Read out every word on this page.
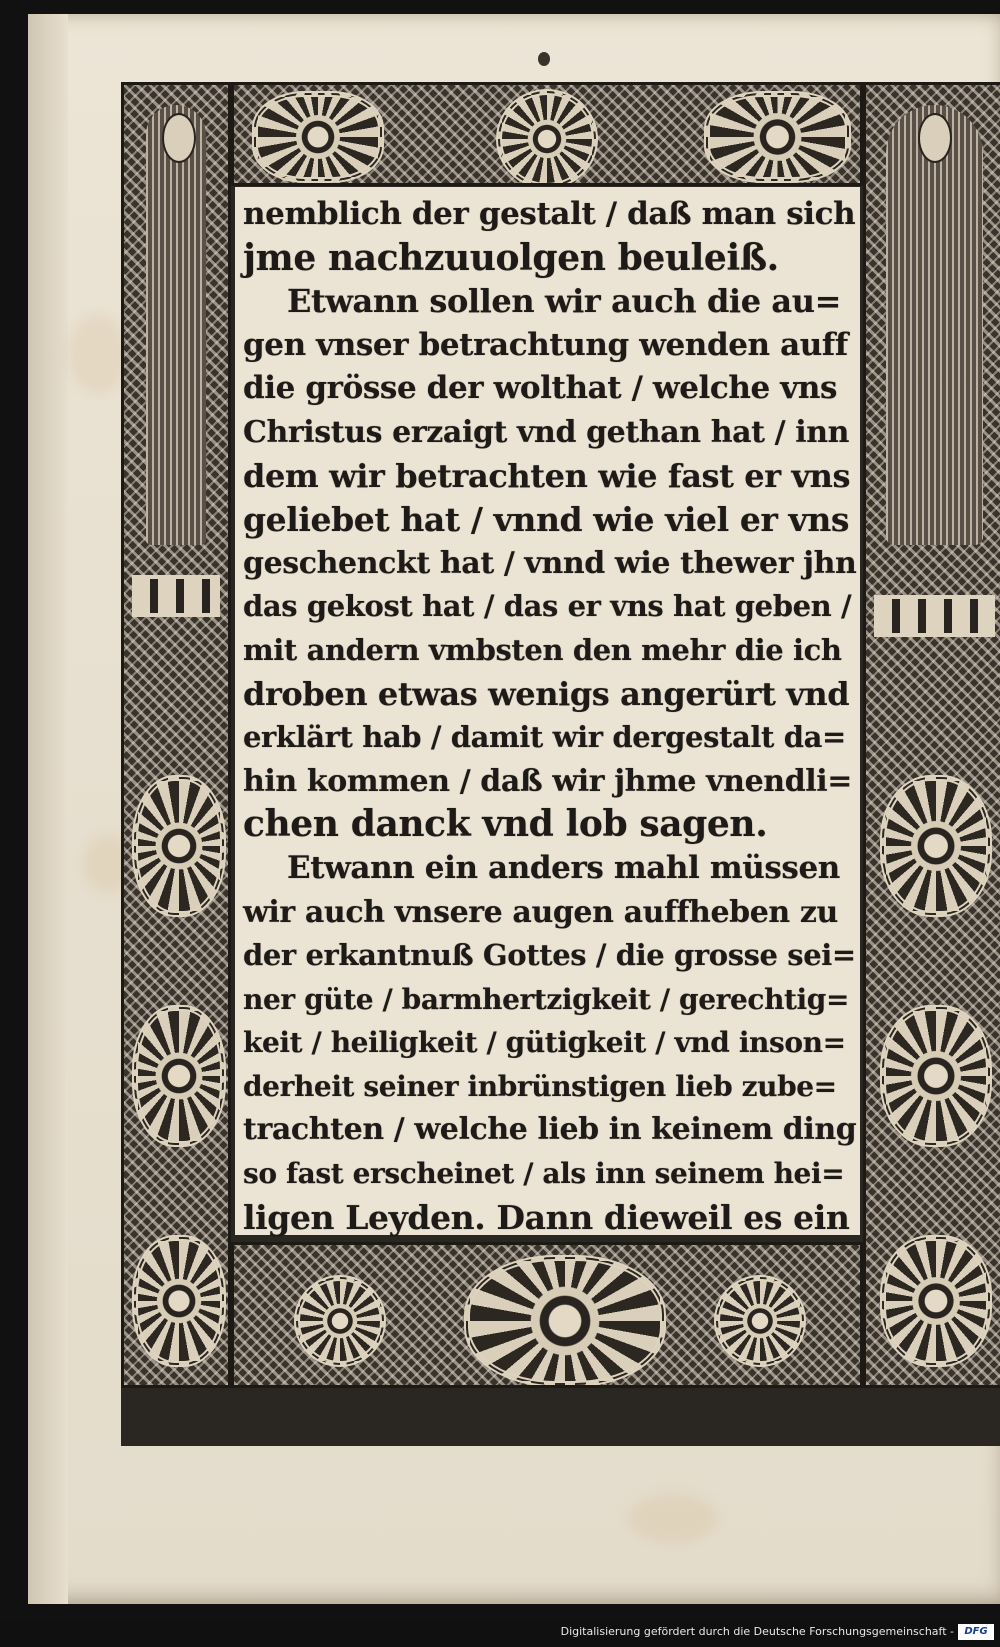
nemblich der gestalt / daß man sich
jme nachzuuolgen beuleiß.
Etwann sollen wir auch die au=
gen vnser betrachtung wenden auff
die grösse der wolthat / welche vns
Christus erzaigt vnd gethan hat / inn
dem wir betrachten wie fast er vns
geliebet hat / vnnd wie viel er vns
geschenckt hat / vnnd wie thewer jhn
das gekost hat / das er vns hat geben /
mit andern vmbsten den mehr die ich
droben etwas wenigs angerürt vnd
erklärt hab / damit wir dergestalt da=
hin kommen / daß wir jhme vnendli=
chen danck vnd lob sagen.
Etwann ein anders mahl müssen
wir auch vnsere augen auffheben zu
der erkantnuß Gottes / die grosse sei=
ner güte / barmhertzigkeit / gerechtig=
keit / heiligkeit / gütigkeit / vnd inson=
derheit seiner inbrünstigen lieb zube=
trachten / welche lieb in keinem ding
so fast erscheinet / als inn seinem hei=
ligen Leyden. Dann dieweil es ein
Digitalisierung gefördert durch die Deutsche Forschungsgemeinschaft -	DFG
